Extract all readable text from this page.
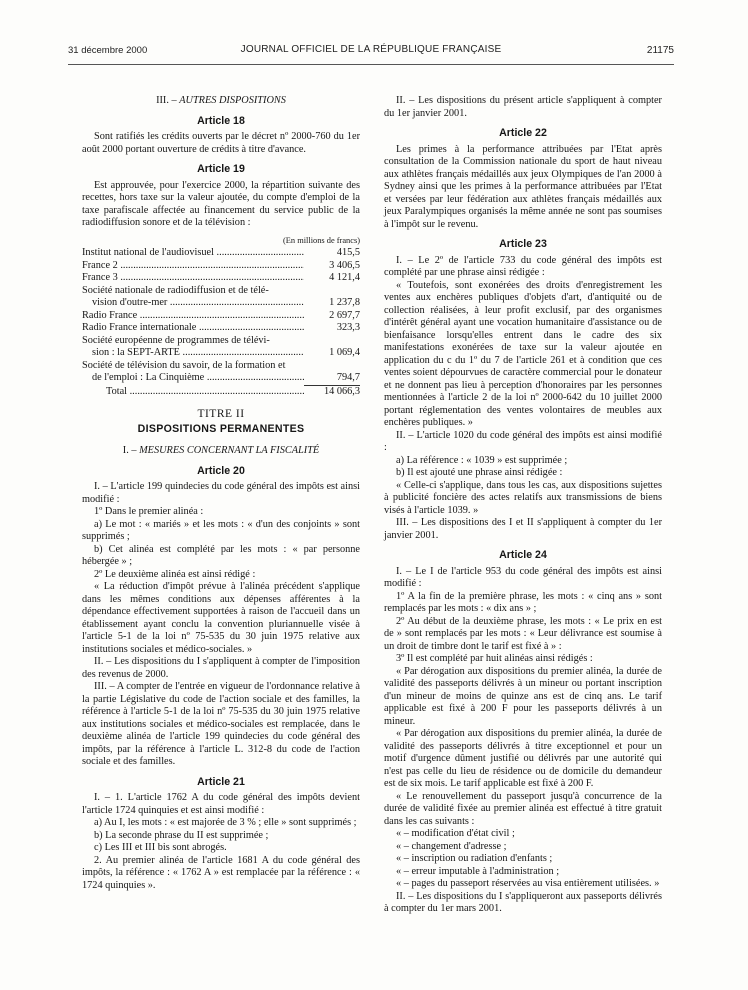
31 décembre 2000	JOURNAL OFFICIEL DE LA RÉPUBLIQUE FRANÇAISE	21175
III. – AUTRES DISPOSITIONS
Article 18

Sont ratifiés les crédits ouverts par le décret nº 2000-760 du 1er août 2000 portant ouverture de crédits à titre d'avance.

Article 19

Est approuvée, pour l'exercice 2000, la répartition suivante des recettes, hors taxe sur la valeur ajoutée, du compte d'emploi de la taxe parafiscale affectée au financement du service public de la radiodiffusion sonore et de la télévision :

(En millions de francs)
Institut national de l'audiovisuel .....	415,5
France 2 .....	3 406,5
France 3 .....	4 121,4
Société nationale de radiodiffusion et de télé-
vision d'outre-mer .....	1 237,8
Radio France .....	2 697,7
Radio France internationale .....	323,3
Société européenne de programmes de télévi-
sion : la SEPT-ARTE .....	1 069,4
Société de télévision du savoir, de la formation et
de l'emploi : La Cinquième .....	794,7
Total .....	14 066,3
TITRE II
DISPOSITIONS PERMANENTES
I. – MESURES CONCERNANT LA FISCALITÉ
Article 20

I. – L'article 199 quindecies du code général des impôts est ainsi modifié :

1º Dans le premier alinéa :

a) Le mot : « mariés » et les mots : « d'un des conjoints » sont supprimés ;

b) Cet alinéa est complété par les mots : « par personne hébergée » ;

2º Le deuxième alinéa est ainsi rédigé :

« La réduction d'impôt prévue à l'alinéa précédent s'applique dans les mêmes conditions aux dépenses afférentes à la dépendance effectivement supportées à raison de l'accueil dans un établissement ayant conclu la convention pluriannuelle visée à l'article 5-1 de la loi nº 75-535 du 30 juin 1975 relative aux institutions sociales et médico-sociales. »

II. – Les dispositions du I s'appliquent à compter de l'imposition des revenus de 2000.

III. – A compter de l'entrée en vigueur de l'ordonnance relative à la partie Législative du code de l'action sociale et des familles, la référence à l'article 5-1 de la loi nº 75-535 du 30 juin 1975 relative aux institutions sociales et médico-sociales est remplacée, dans le deuxième alinéa de l'article 199 quindecies du code général des impôts, par la référence à l'article L. 312-8 du code de l'action sociale et des familles.

Article 21

I. – 1. L'article 1762 A du code général des impôts devient l'article 1724 quinquies et est ainsi modifié :

a) Au I, les mots : « est majorée de 3 % ; elle » sont supprimés ;

b) La seconde phrase du II est supprimée ;

c) Les III et III bis sont abrogés.

2. Au premier alinéa de l'article 1681 A du code général des impôts, la référence : « 1762 A » est remplacée par la référence : « 1724 quinquies ».

II. – Les dispositions du présent article s'appliquent à compter du 1er janvier 2001.

Article 22

Les primes à la performance attribuées par l'Etat après consultation de la Commission nationale du sport de haut niveau aux athlètes français médaillés aux jeux Olympiques de l'an 2000 à Sydney ainsi que les primes à la performance attribuées par l'Etat et versées par leur fédération aux athlètes français médaillés aux jeux Paralympiques organisés la même année ne sont pas soumises à l'impôt sur le revenu.

Article 23

I. – Le 2º de l'article 733 du code général des impôts est complété par une phrase ainsi rédigée :

« Toutefois, sont exonérées des droits d'enregistrement les ventes aux enchères publiques d'objets d'art, d'antiquité ou de collection réalisées, à leur profit exclusif, par des organismes d'intérêt général ayant une vocation humanitaire d'assistance ou de bienfaisance lorsqu'elles entrent dans le cadre des six manifestations exonérées de taxe sur la valeur ajoutée en application du c du 1º du 7 de l'article 261 et à condition que ces ventes soient dépourvues de caractère commercial pour le donateur et ne donnent pas lieu à perception d'honoraires par les personnes mentionnées à l'article 2 de la loi nº 2000-642 du 10 juillet 2000 portant réglementation des ventes volontaires de meubles aux enchères publiques. »

II. – L'article 1020 du code général des impôts est ainsi modifié :

a) La référence : « 1039 » est supprimée ;

b) Il est ajouté une phrase ainsi rédigée :

« Celle-ci s'applique, dans tous les cas, aux dispositions sujettes à publicité foncière des actes relatifs aux transmissions de biens visés à l'article 1039. »

III. – Les dispositions des I et II s'appliquent à compter du 1er janvier 2001.

Article 24

I. – Le I de l'article 953 du code général des impôts est ainsi modifié :

1º A la fin de la première phrase, les mots : « cinq ans » sont remplacés par les mots : « dix ans » ;

2º Au début de la deuxième phrase, les mots : « Le prix en est de » sont remplacés par les mots : « Leur délivrance est soumise à un droit de timbre dont le tarif est fixé à » :

3º Il est complété par huit alinéas ainsi rédigés :

« Par dérogation aux dispositions du premier alinéa, la durée de validité des passeports délivrés à un mineur ou portant inscription d'un mineur de moins de quinze ans est de cinq ans. Le tarif applicable est fixé à 200 F pour les passeports délivrés à un mineur.

« Par dérogation aux dispositions du premier alinéa, la durée de validité des passeports délivrés à titre exceptionnel et pour un motif d'urgence dûment justifié ou délivrés par une autorité qui n'est pas celle du lieu de résidence ou de domicile du demandeur est de six mois. Le tarif applicable est fixé à 200 F.

« Le renouvellement du passeport jusqu'à concurrence de la durée de validité fixée au premier alinéa est effectué à titre gratuit dans les cas suivants :

« – modification d'état civil ;

« – changement d'adresse ;

« – inscription ou radiation d'enfants ;

« – erreur imputable à l'administration ;

« – pages du passeport réservées au visa entièrement utilisées. »

II. – Les dispositions du I s'appliqueront aux passeports délivrés à compter du 1er mars 2001.
